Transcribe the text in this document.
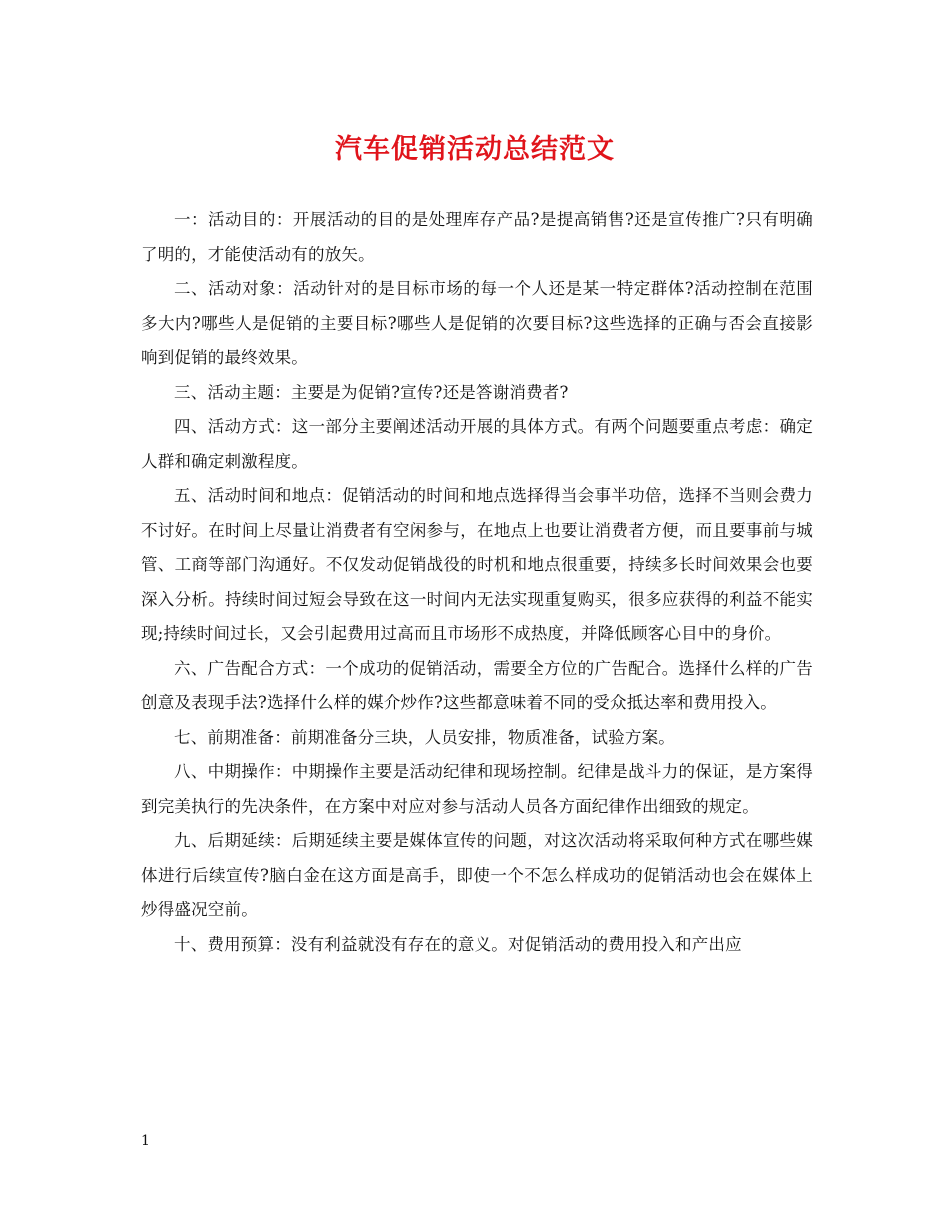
汽车促销活动总结范文

一：活动目的：开展活动的目的是处理库存产品?是提高销售?还是宣传推广?只有明确了明的，才能使活动有的放矢。

二、活动对象：活动针对的是目标市场的每一个人还是某一特定群体?活动控制在范围多大内?哪些人是促销的主要目标?哪些人是促销的次要目标?这些选择的正确与否会直接影响到促销的最终效果。

三、活动主题：主要是为促销?宣传?还是答谢消费者?

四、活动方式：这一部分主要阐述活动开展的具体方式。有两个问题要重点考虑：确定人群和确定刺激程度。

五、活动时间和地点：促销活动的时间和地点选择得当会事半功倍，选择不当则会费力不讨好。在时间上尽量让消费者有空闲参与，在地点上也要让消费者方便，而且要事前与城管、工商等部门沟通好。不仅发动促销战役的时机和地点很重要，持续多长时间效果会也要深入分析。持续时间过短会导致在这一时间内无法实现重复购买，很多应获得的利益不能实现;持续时间过长，又会引起费用过高而且市场形不成热度，并降低顾客心目中的身价。

六、广告配合方式：一个成功的促销活动，需要全方位的广告配合。选择什么样的广告创意及表现手法?选择什么样的媒介炒作?这些都意味着不同的受众抵达率和费用投入。

七、前期准备：前期准备分三块，人员安排，物质准备，试验方案。

八、中期操作：中期操作主要是活动纪律和现场控制。纪律是战斗力的保证，是方案得到完美执行的先决条件，在方案中对应对参与活动人员各方面纪律作出细致的规定。

九、后期延续：后期延续主要是媒体宣传的问题，对这次活动将采取何种方式在哪些媒体进行后续宣传?脑白金在这方面是高手，即使一个不怎么样成功的促销活动也会在媒体上炒得盛况空前。

十、费用预算：没有利益就没有存在的意义。对促销活动的费用投入和产出应

1
